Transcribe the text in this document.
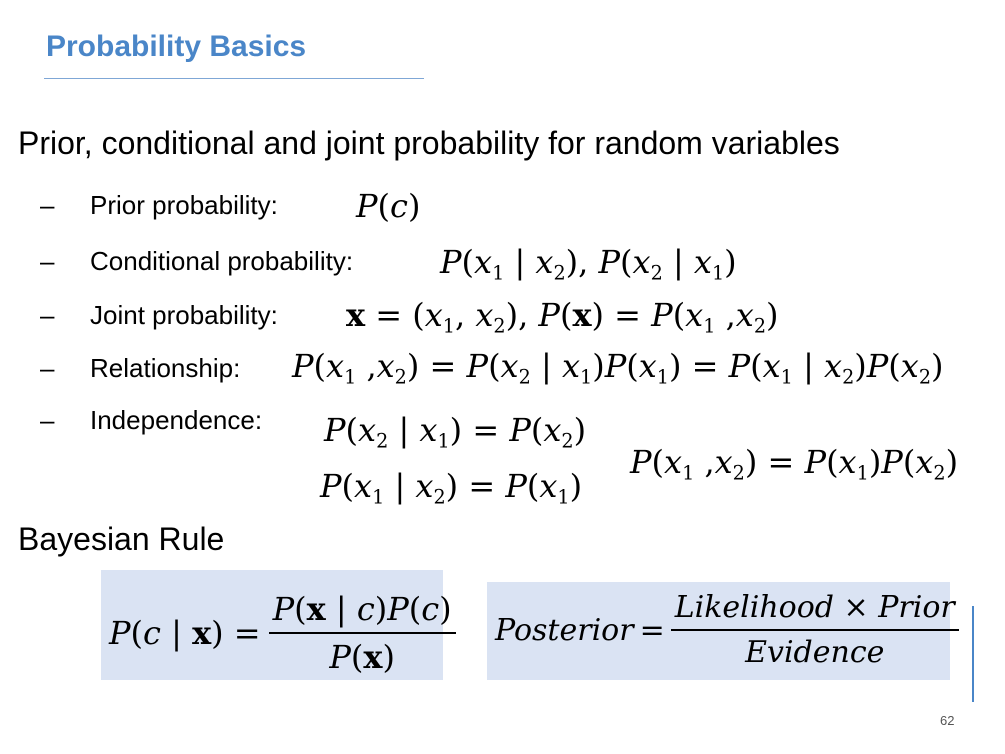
Probability Basics
Prior, conditional and joint probability for random variables
– Prior probability: P(c)
– Conditional probability:	$P(x_1$ | $x_2$), $P(x_2$ | $x_1$)
– Joint probability: $x = (x_1$, $x_2$), $P(x) = P(x_1$ $,x_2$)
– Relationship: $P(x_1$ $,x_2) = P(x_2$ | $x_1)P(x_1) = P(x_1$ | $x_2)P(x_2)$
– Independence: $P(x_2$ | $x_1) = P(x_2)$
$P(x_1$ | $x_2) = P(x_1)$
$P(x_1$ $,x_2) = P(x_1)P(x_2)$
Bayesian Rule
P(c | $x) = \frac{P(x | c)P(c)}{P(x)}$ Posterior = $\frac{\text{Likelihood × Prior}}{\text{Evidence}}$
62
